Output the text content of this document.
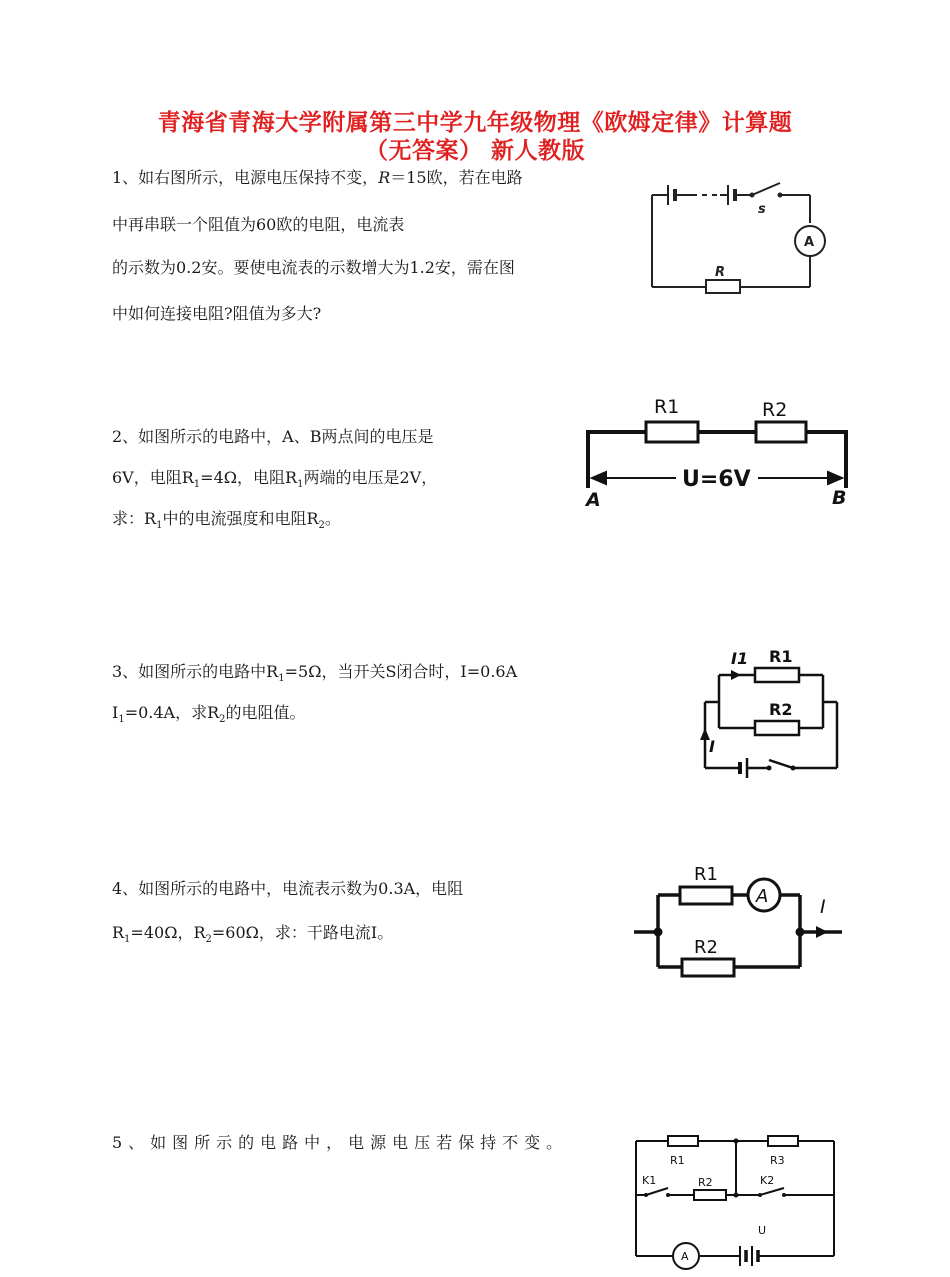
青海省青海大学附属第三中学九年级物理《欧姆定律》计算题
（无答案） 新人教版
1、如右图所示，电源电压保持不变，R＝15欧，若在电路
中再串联一个阻值为60欧的电阻，电流表
的示数为0.2安。要使电流表的示数增大为1.2安，需在图
中如何连接电阻?阻值为多大?
s
A
R
2、如图所示的电路中，A、B两点间的电压是
6V，电阻$R_1=4\Omega$，电阻$R_1$两端的电压是2V，
求：$R_1$中的电流强度和电阻$R_2$。
R1	R2
U=6V
A	B
3、如图所示的电路中$R_1=5\Omega$，当开关S闭合时，I=0.6A
$I_1=0.4A$，求$R_2$的电阻值。
I1 R1
R2
I
4、如图所示的电路中，电流表示数为0.3A，电阻
$R_1=40\Omega$，$R_2=60\Omega$，求：干路电流I。
R1
A
R2
I
5、如图所示的电路中，电源电压若保持不变。
R1	R3
K1	R2	K2
U
A
